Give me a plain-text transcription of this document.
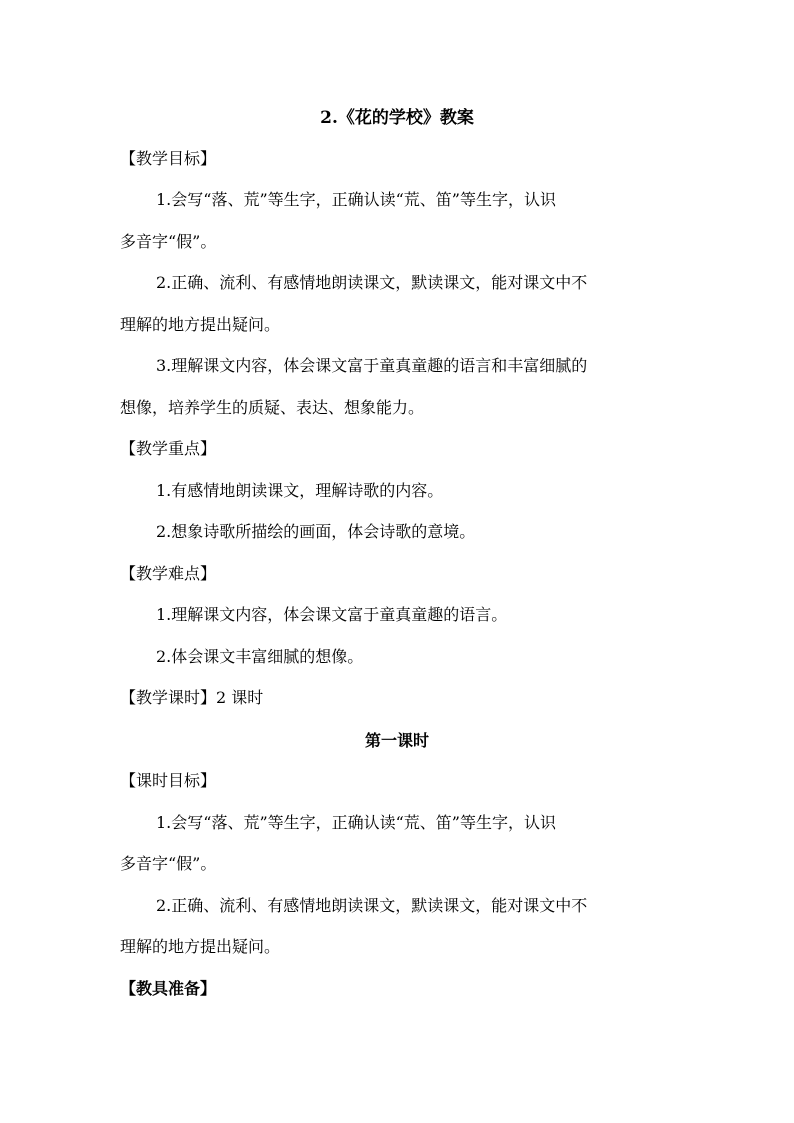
2.《花的学校》教案
【教学目标】
1.会写“落、荒”等生字，正确认读“荒、笛”等生字，认识
多音字“假”。
2.正确、流利、有感情地朗读课文，默读课文，能对课文中不
理解的地方提出疑问。
3.理解课文内容，体会课文富于童真童趣的语言和丰富细腻的
想像，培养学生的质疑、表达、想象能力。
【教学重点】
1.有感情地朗读课文，理解诗歌的内容。
2.想象诗歌所描绘的画面，体会诗歌的意境。
【教学难点】
1.理解课文内容，体会课文富于童真童趣的语言。
2.体会课文丰富细腻的想像。
【教学课时】2 课时
第一课时
【课时目标】
1.会写“落、荒”等生字，正确认读“荒、笛”等生字，认识
多音字“假”。
2.正确、流利、有感情地朗读课文，默读课文，能对课文中不
理解的地方提出疑问。
【教具准备】
